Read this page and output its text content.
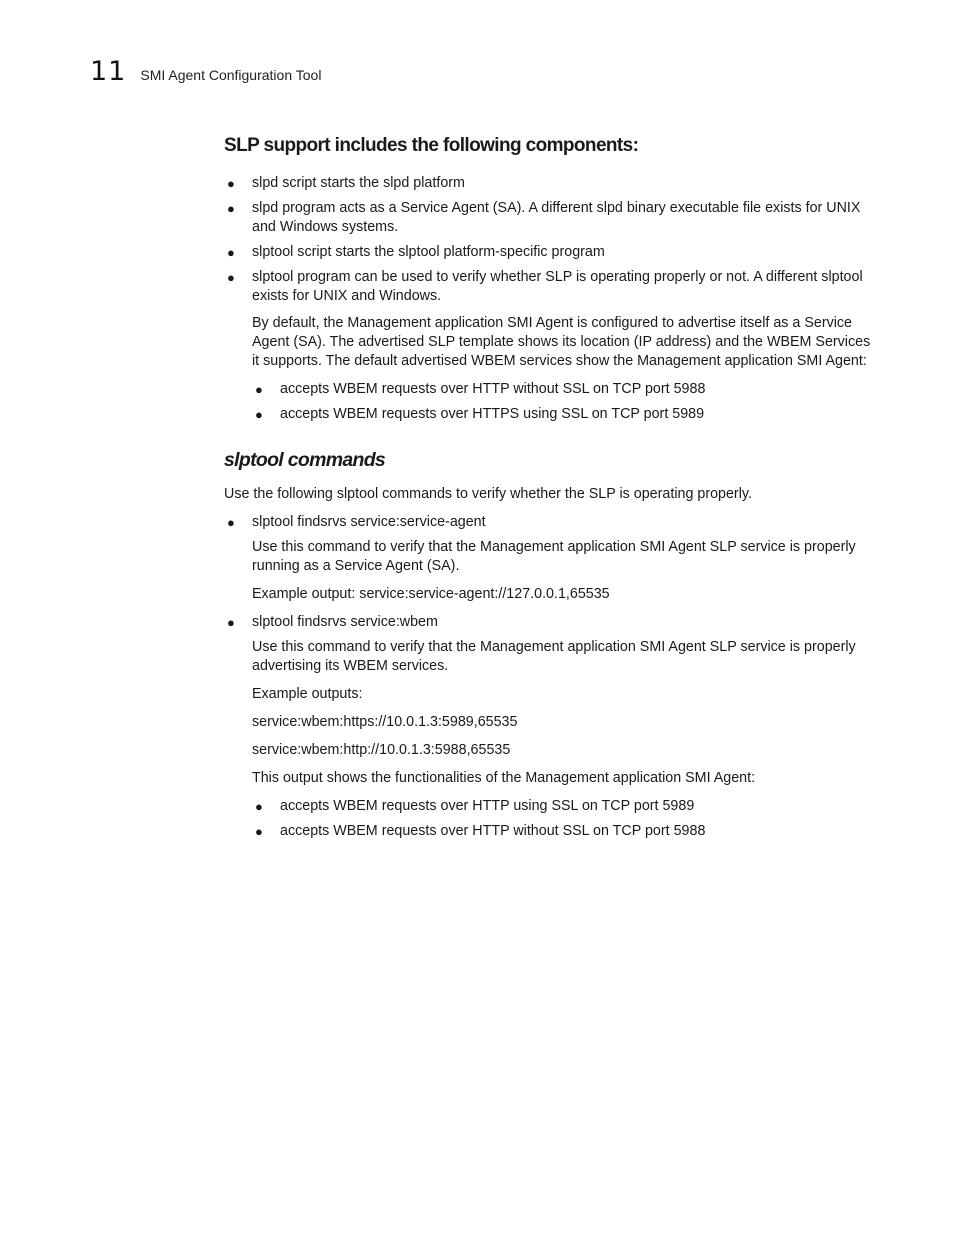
11 SMI Agent Configuration Tool
SLP support includes the following components:
● slpd script starts the slpd platform
● slpd program acts as a Service Agent (SA). A different slpd binary executable file exists for UNIX and Windows systems.
● slptool script starts the slptool platform-specific program
● slptool program can be used to verify whether SLP is operating properly or not. A different slptool exists for UNIX and Windows.

By default, the Management application SMI Agent is configured to advertise itself as a Service Agent (SA). The advertised SLP template shows its location (IP address) and the WBEM Services it supports. The default advertised WBEM services show the Management application SMI Agent:

● accepts WBEM requests over HTTP without SSL on TCP port 5988
● accepts WBEM requests over HTTPS using SSL on TCP port 5989
slptool commands

Use the following slptool commands to verify whether the SLP is operating properly.

● slptool findsrvs service:service-agent

Use this command to verify that the Management application SMI Agent SLP service is properly running as a Service Agent (SA).

Example output: service:service-agent://127.0.0.1,65535

● slptool findsrvs service:wbem

Use this command to verify that the Management application SMI Agent SLP service is properly advertising its WBEM services.

Example outputs:

service:wbem:https://10.0.1.3:5989,65535

service:wbem:http://10.0.1.3:5988,65535

This output shows the functionalities of the Management application SMI Agent:

● accepts WBEM requests over HTTP using SSL on TCP port 5989
● accepts WBEM requests over HTTP without SSL on TCP port 5988
